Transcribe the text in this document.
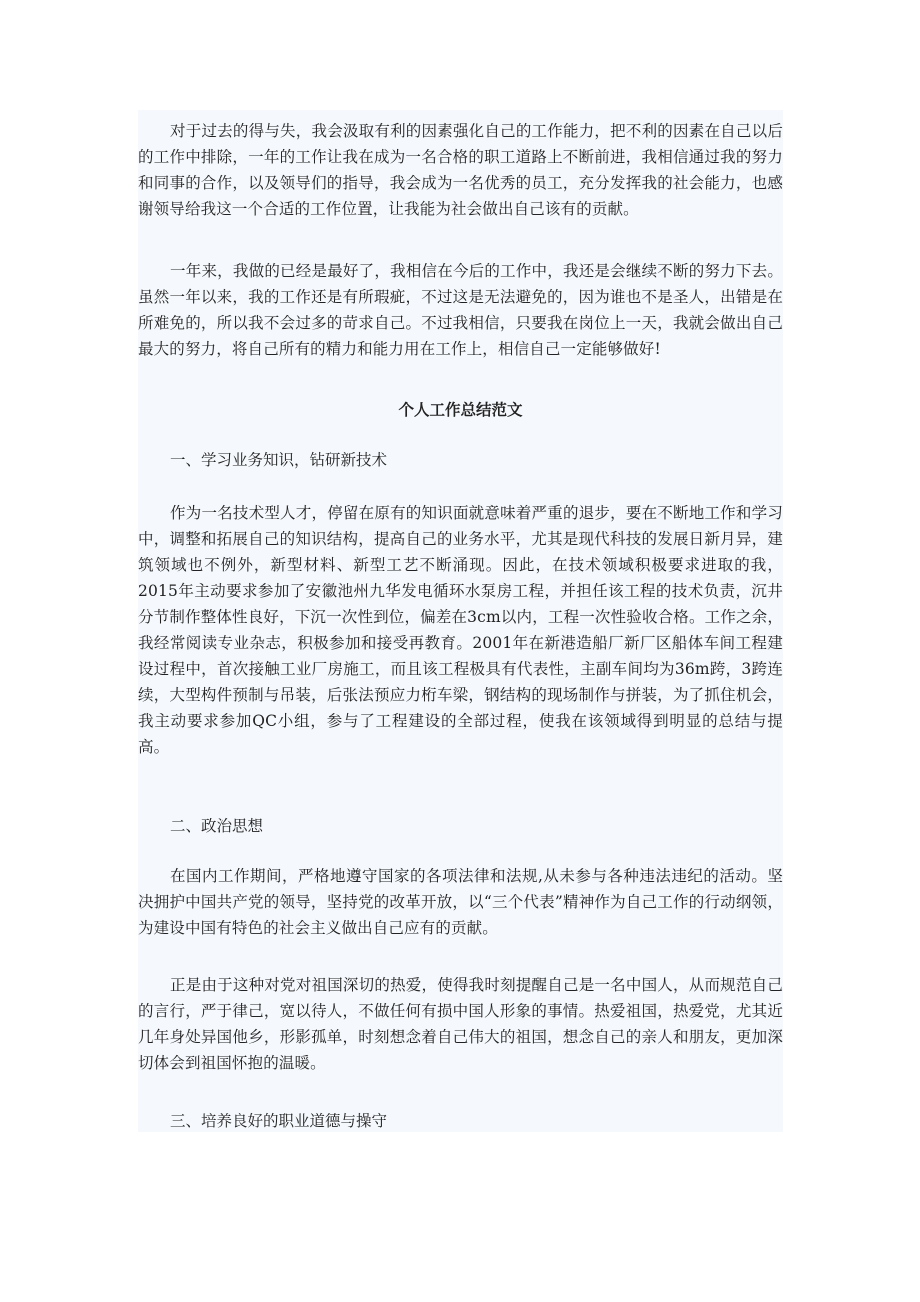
对于过去的得与失，我会汲取有利的因素强化自己的工作能力，把不利的因素在自己以后的工作中排除，一年的工作让我在成为一名合格的职工道路上不断前进，我相信通过我的努力和同事的合作，以及领导们的指导，我会成为一名优秀的员工，充分发挥我的社会能力，也感谢领导给我这一个合适的工作位置，让我能为社会做出自己该有的贡献。

一年来，我做的已经是最好了，我相信在今后的工作中，我还是会继续不断的努力下去。虽然一年以来，我的工作还是有所瑕疵，不过这是无法避免的，因为谁也不是圣人，出错是在所难免的，所以我不会过多的苛求自己。不过我相信，只要我在岗位上一天，我就会做出自己最大的努力，将自己所有的精力和能力用在工作上，相信自己一定能够做好!

个人工作总结范文

一、学习业务知识，钻研新技术

作为一名技术型人才，停留在原有的知识面就意味着严重的退步，要在不断地工作和学习中，调整和拓展自己的知识结构，提高自己的业务水平，尤其是现代科技的发展日新月异，建筑领域也不例外，新型材料、新型工艺不断涌现。因此，在技术领域积极要求进取的我，2015年主动要求参加了安徽池州九华发电循环水泵房工程，并担任该工程的技术负责，沉井分节制作整体性良好，下沉一次性到位，偏差在3cm以内，工程一次性验收合格。工作之余，我经常阅读专业杂志，积极参加和接受再教育。2001年在新港造船厂新厂区船体车间工程建设过程中，首次接触工业厂房施工，而且该工程极具有代表性，主副车间均为36m跨，3跨连续，大型构件预制与吊装，后张法预应力桁车梁，钢结构的现场制作与拼装，为了抓住机会，我主动要求参加QC小组，参与了工程建设的全部过程，使我在该领域得到明显的总结与提高。

二、政治思想

在国内工作期间，严格地遵守国家的各项法律和法规,从未参与各种违法违纪的活动。坚决拥护中国共产党的领导，坚持党的改革开放，以“三个代表”精神作为自己工作的行动纲领，为建设中国有特色的社会主义做出自己应有的贡献。

正是由于这种对党对祖国深切的热爱，使得我时刻提醒自己是一名中国人，从而规范自己的言行，严于律己，宽以待人，不做任何有损中国人形象的事情。热爱祖国，热爱党，尤其近几年身处异国他乡，形影孤单，时刻想念着自己伟大的祖国，想念自己的亲人和朋友，更加深切体会到祖国怀抱的温暖。

三、培养良好的职业道德与操守
